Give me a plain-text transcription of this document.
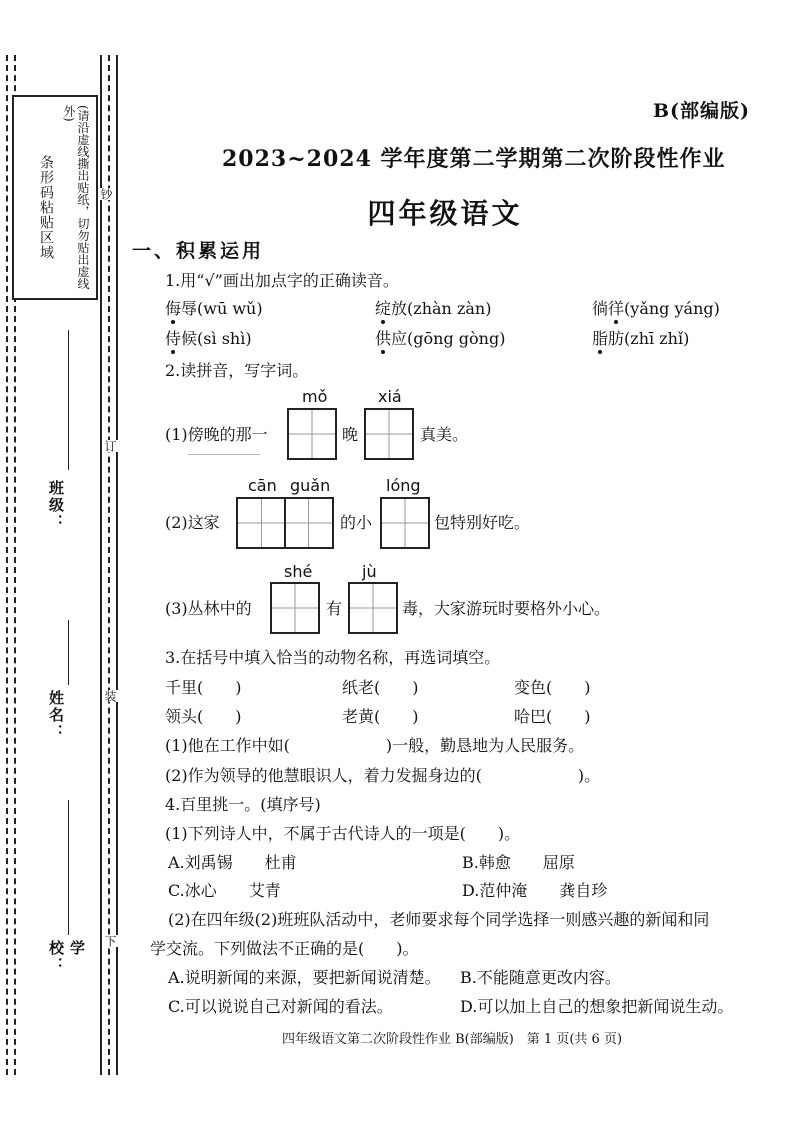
条形码粘贴区域	(请沿虚线撕出贴纸，切勿贴出虚线外)
钞
订
装
下
班级：
姓名：
学校：
B(部编版)
2023~2024 学年度第二学期第二次阶段性作业
四年级语文
一、积累运用
1.用“√”画出加点字的正确读音。
侮辱(wū wǔ)	绽放(zhàn zàn)	徜徉(yǎng yáng)
侍候(sì shì)	供应(gōng gòng)	脂肪(zhī zhǐ)
2.读拼音，写字词。
(1)傍晚的那一
mǒ
晚
xiá
真美。
(2)这家
cān guǎn
的小
lóng
包特别好吃。
(3)丛林中的
shé
有
jù
毒，大家游玩时要格外小心。
3.在括号中填入恰当的动物名称，再选词填空。
千里(　　)	纸老(　　)	变色(　　)
领头(　　)	老黄(　　)	哈巴(　　)
(1)他在工作中如(　　　　　　)一般，勤恳地为人民服务。
(2)作为领导的他慧眼识人，着力发掘身边的(　　　　　　)。
4.百里挑一。(填序号)
(1)下列诗人中，不属于古代诗人的一项是(　　)。
A.刘禹锡　　杜甫	B.韩愈　　屈原
C.冰心　　艾青	D.范仲淹　　龚自珍
(2)在四年级(2)班班队活动中，老师要求每个同学选择一则感兴趣的新闻和同
学交流。下列做法不正确的是(　　)。
A.说明新闻的来源，要把新闻说清楚。 B.不能随意更改内容。
C.可以说说自己对新闻的看法。	D.可以加上自己的想象把新闻说生动。
四年级语文第二次阶段性作业 B(部编版)　第 1 页(共 6 页)
